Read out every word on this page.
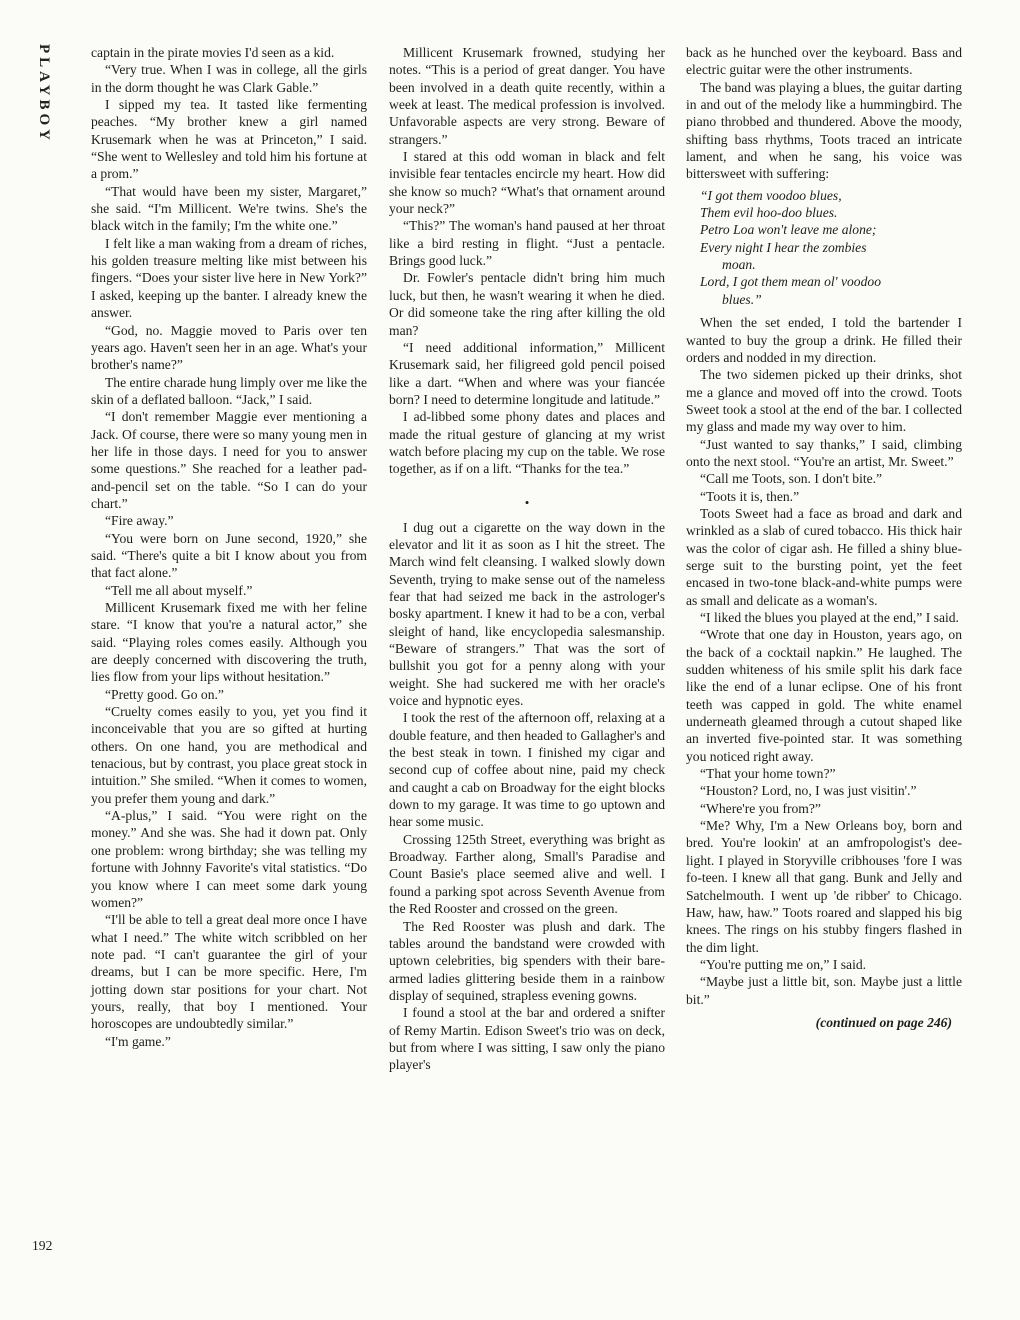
PLAYBOY	captain in the pirate movies I'd seen as a kid.

“Very true. When I was in college, all the girls in the dorm thought he was Clark Gable.”

I sipped my tea. It tasted like fermenting peaches. “My brother knew a girl named Krusemark when he was at Princeton,” I said. “She went to Wellesley and told him his fortune at a prom.”

“That would have been my sister, Margaret,” she said. “I'm Millicent. We're twins. She's the black witch in the family; I'm the white one.”

I felt like a man waking from a dream of riches, his golden treasure melting like mist between his fingers. “Does your sister live here in New York?” I asked, keeping up the banter. I already knew the answer.

“God, no. Maggie moved to Paris over ten years ago. Haven't seen her in an age. What's your brother's name?”

The entire charade hung limply over me like the skin of a deflated balloon. “Jack,” I said.

“I don't remember Maggie ever mentioning a Jack. Of course, there were so many young men in her life in those days. I need for you to answer some questions.” She reached for a leather pad-and-pencil set on the table. “So I can do your chart.”

“Fire away.”

“You were born on June second, 1920,” she said. “There's quite a bit I know about you from that fact alone.”

“Tell me all about myself.”

Millicent Krusemark fixed me with her feline stare. “I know that you're a natural actor,” she said. “Playing roles comes easily. Although you are deeply concerned with discovering the truth, lies flow from your lips without hesitation.”

“Pretty good. Go on.”

“Cruelty comes easily to you, yet you find it inconceivable that you are so gifted at hurting others. On one hand, you are methodical and tenacious, but by contrast, you place great stock in intuition.” She smiled. “When it comes to women, you prefer them young and dark.”

“A-plus,” I said. “You were right on the money.” And she was. She had it down pat. Only one problem: wrong birthday; she was telling my fortune with Johnny Favorite's vital statistics. “Do you know where I can meet some dark young women?”

“I'll be able to tell a great deal more once I have what I need.” The white witch scribbled on her note pad. “I can't guarantee the girl of your dreams, but I can be more specific. Here, I'm jotting down star positions for your chart. Not yours, really, that boy I mentioned. Your horoscopes are undoubtedly similar.”

“I'm game.”

Millicent Krusemark frowned, studying her notes. “This is a period of great danger. You have been involved in a death quite recently, within a week at least. The medical profession is involved. Unfavorable aspects are very strong. Beware of strangers.”

I stared at this odd woman in black and felt invisible fear tentacles encircle my heart. How did she know so much? “What's that ornament around your neck?”

“This?” The woman's hand paused at her throat like a bird resting in flight. “Just a pentacle. Brings good luck.”

Dr. Fowler's pentacle didn't bring him much luck, but then, he wasn't wearing it when he died. Or did someone take the ring after killing the old man?

“I need additional information,” Millicent Krusemark said, her filigreed gold pencil poised like a dart. “When and where was your fiancée born? I need to determine longitude and latitude.”

I ad-libbed some phony dates and places and made the ritual gesture of glancing at my wrist watch before placing my cup on the table. We rose together, as if on a lift. “Thanks for the tea.”

•

I dug out a cigarette on the way down in the elevator and lit it as soon as I hit the street. The March wind felt cleansing. I walked slowly down Seventh, trying to make sense out of the nameless fear that had seized me back in the astrologer's bosky apartment. I knew it had to be a con, verbal sleight of hand, like encyclopedia salesmanship. “Beware of strangers.” That was the sort of bullshit you got for a penny along with your weight. She had suckered me with her oracle's voice and hypnotic eyes.

I took the rest of the afternoon off, relaxing at a double feature, and then headed to Gallagher's and the best steak in town. I finished my cigar and second cup of coffee about nine, paid my check and caught a cab on Broadway for the eight blocks down to my garage. It was time to go uptown and hear some music.

Crossing 125th Street, everything was bright as Broadway. Farther along, Small's Paradise and Count Basie's place seemed alive and well. I found a parking spot across Seventh Avenue from the Red Rooster and crossed on the green.

The Red Rooster was plush and dark. The tables around the bandstand were crowded with uptown celebrities, big spenders with their bare-armed ladies glittering beside them in a rainbow display of sequined, strapless evening gowns.

I found a stool at the bar and ordered a snifter of Remy Martin. Edison Sweet's trio was on deck, but from where I was sitting, I saw only the piano player's

back as he hunched over the keyboard. Bass and electric guitar were the other instruments.

The band was playing a blues, the guitar darting in and out of the melody like a hummingbird. The piano throbbed and thundered. Above the moody, shifting bass rhythms, Toots traced an intricate lament, and when he sang, his voice was bittersweet with suffering:

“I got them voodoo blues,
Them evil hoo-doo blues.
Petro Loa won't leave me alone;
Every night I hear the zombies
moan.
Lord, I got them mean ol' voodoo
blues.”

When the set ended, I told the bartender I wanted to buy the group a drink. He filled their orders and nodded in my direction.

The two sidemen picked up their drinks, shot me a glance and moved off into the crowd. Toots Sweet took a stool at the end of the bar. I collected my glass and made my way over to him.

“Just wanted to say thanks,” I said, climbing onto the next stool. “You're an artist, Mr. Sweet.”

“Call me Toots, son. I don't bite.”

“Toots it is, then.”

Toots Sweet had a face as broad and dark and wrinkled as a slab of cured tobacco. His thick hair was the color of cigar ash. He filled a shiny blue-serge suit to the bursting point, yet the feet encased in two-tone black-and-white pumps were as small and delicate as a woman's.

“I liked the blues you played at the end,” I said.

“Wrote that one day in Houston, years ago, on the back of a cocktail napkin.” He laughed. The sudden whiteness of his smile split his dark face like the end of a lunar eclipse. One of his front teeth was capped in gold. The white enamel underneath gleamed through a cutout shaped like an inverted five-pointed star. It was something you noticed right away.

“That your home town?”

“Houston? Lord, no, I was just visitin'.”

“Where're you from?”

“Me? Why, I'm a New Orleans boy, born and bred. You're lookin' at an amfropologist's dee-light. I played in Storyville cribhouses 'fore I was fo-teen. I knew all that gang. Bunk and Jelly and Satchelmouth. I went up 'de ribber' to Chicago. Haw, haw, haw.” Toots roared and slapped his big knees. The rings on his stubby fingers flashed in the dim light.

“You're putting me on,” I said.

“Maybe just a little bit, son. Maybe just a little bit.”

(continued on page 246)
192
